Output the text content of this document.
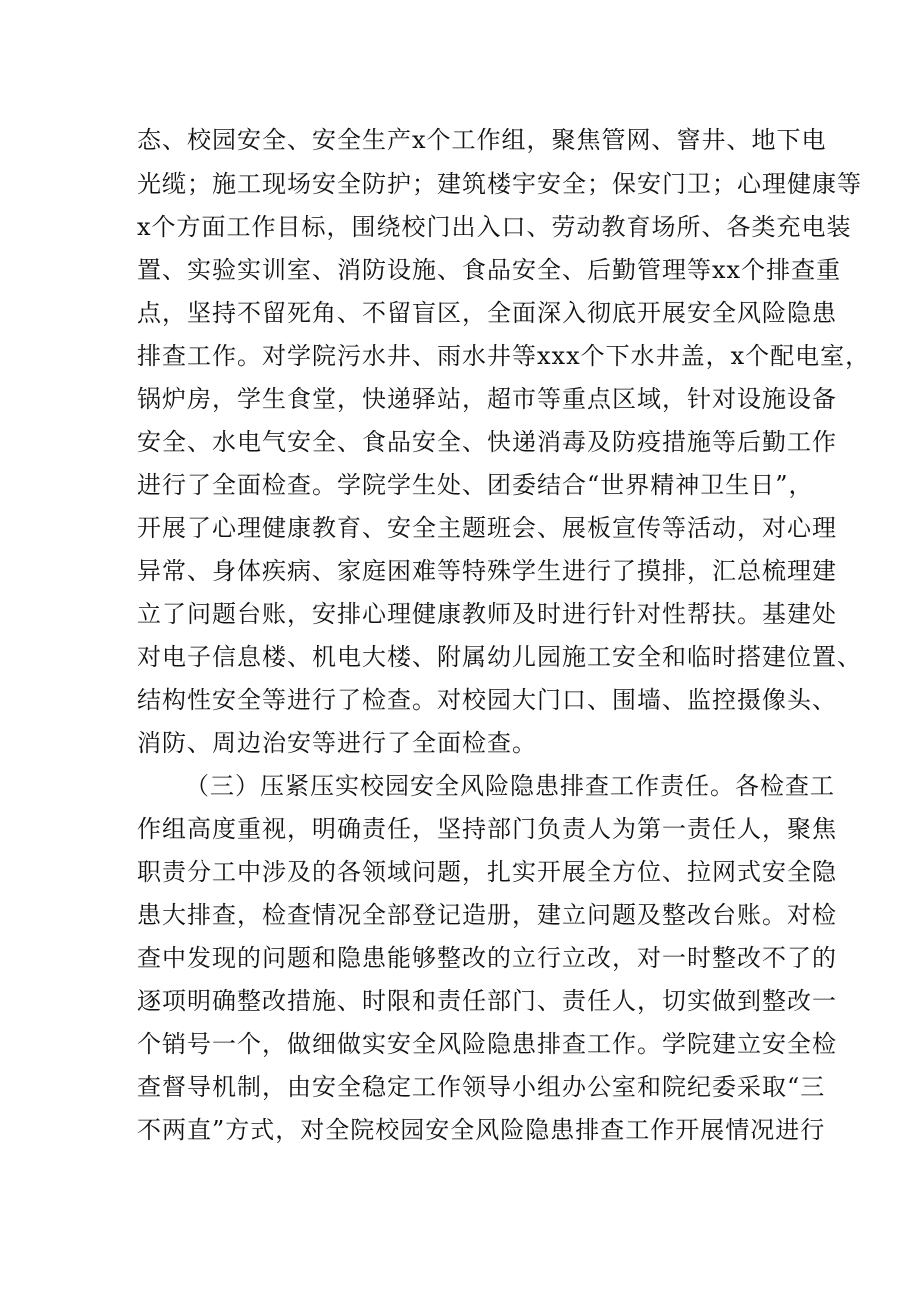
态、校园安全、安全生产x个工作组，聚焦管网、窨井、地下电
光缆；施工现场安全防护；建筑楼宇安全；保安门卫；心理健康等
x个方面工作目标，围绕校门出入口、劳动教育场所、各类充电装
置、实验实训室、消防设施、食品安全、后勤管理等xx个排查重
点，坚持不留死角、不留盲区，全面深入彻底开展安全风险隐患
排查工作。对学院污水井、雨水井等xxx个下水井盖，x个配电室，
锅炉房，学生食堂，快递驿站，超市等重点区域，针对设施设备
安全、水电气安全、食品安全、快递消毒及防疫措施等后勤工作
进行了全面检查。学院学生处、团委结合“世界精神卫生日”，
开展了心理健康教育、安全主题班会、展板宣传等活动，对心理
异常、身体疾病、家庭困难等特殊学生进行了摸排，汇总梳理建
立了问题台账，安排心理健康教师及时进行针对性帮扶。基建处
对电子信息楼、机电大楼、附属幼儿园施工安全和临时搭建位置、
结构性安全等进行了检查。对校园大门口、围墙、监控摄像头、
消防、周边治安等进行了全面检查。
（三）压紧压实校园安全风险隐患排查工作责任。各检查工
作组高度重视，明确责任，坚持部门负责人为第一责任人，聚焦
职责分工中涉及的各领域问题，扎实开展全方位、拉网式安全隐
患大排查，检查情况全部登记造册，建立问题及整改台账。对检
查中发现的问题和隐患能够整改的立行立改，对一时整改不了的
逐项明确整改措施、时限和责任部门、责任人，切实做到整改一
个销号一个，做细做实安全风险隐患排查工作。学院建立安全检
查督导机制，由安全稳定工作领导小组办公室和院纪委采取“三
不两直”方式，对全院校园安全风险隐患排查工作开展情况进行
